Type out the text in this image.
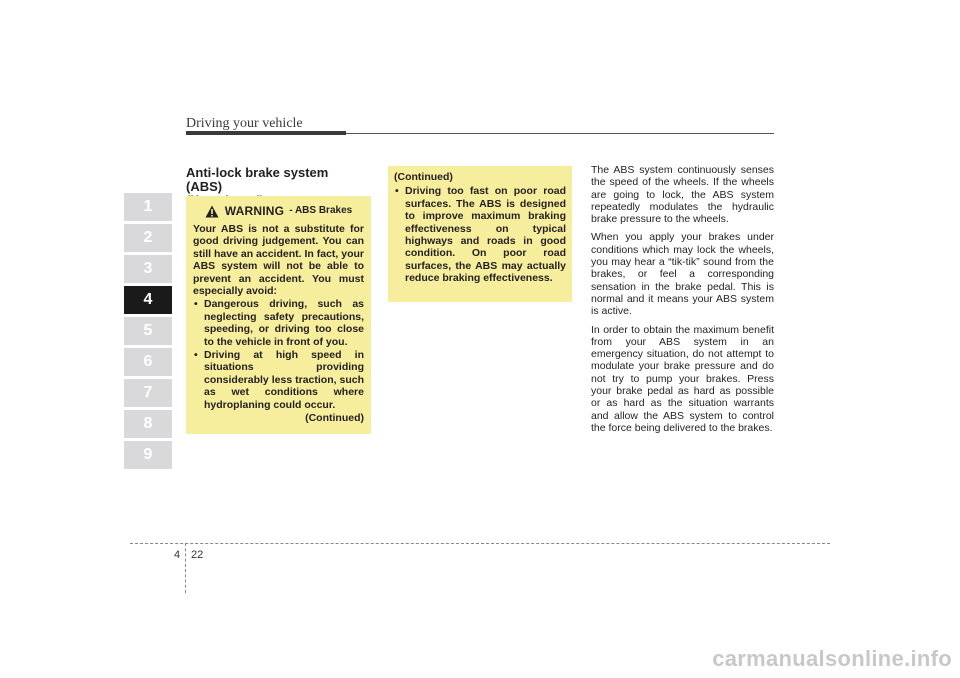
Driving your vehicle
1
2
3
4
5
6
7
8
9
Anti-lock brake system (ABS)
WARNING - ABS Brakes
Your ABS is not a substitute for good driving judgement. You can still have an accident. In fact, your ABS system will not be able to prevent an accident. You must especially avoid:
• Dangerous driving, such as neglecting safety precautions, speeding, or driving too close to the vehicle in front of you.
• Driving at high speed in situations providing considerably less traction, such as wet conditions where hydroplaning could occur.
(Continued)
(Continued)
• Driving too fast on poor road surfaces. The ABS is designed to improve maximum braking effectiveness on typical highways and roads in good condition. On poor road surfaces, the ABS may actually reduce braking effectiveness.

The ABS system continuously senses the speed of the wheels. If the wheels are going to lock, the ABS system repeatedly modulates the hydraulic brake pressure to the wheels.

When you apply your brakes under conditions which may lock the wheels, you may hear a “tik-tik” sound from the brakes, or feel a corresponding sensation in the brake pedal. This is normal and it means your ABS system is active.

In order to obtain the maximum benefit from your ABS system in an emergency situation, do not attempt to modulate your brake pressure and do not try to pump your brakes. Press your brake pedal as hard as possible or as hard as the situation warrants and allow the ABS system to control the force being delivered to the brakes.

4 22
carmanualsonline.info
